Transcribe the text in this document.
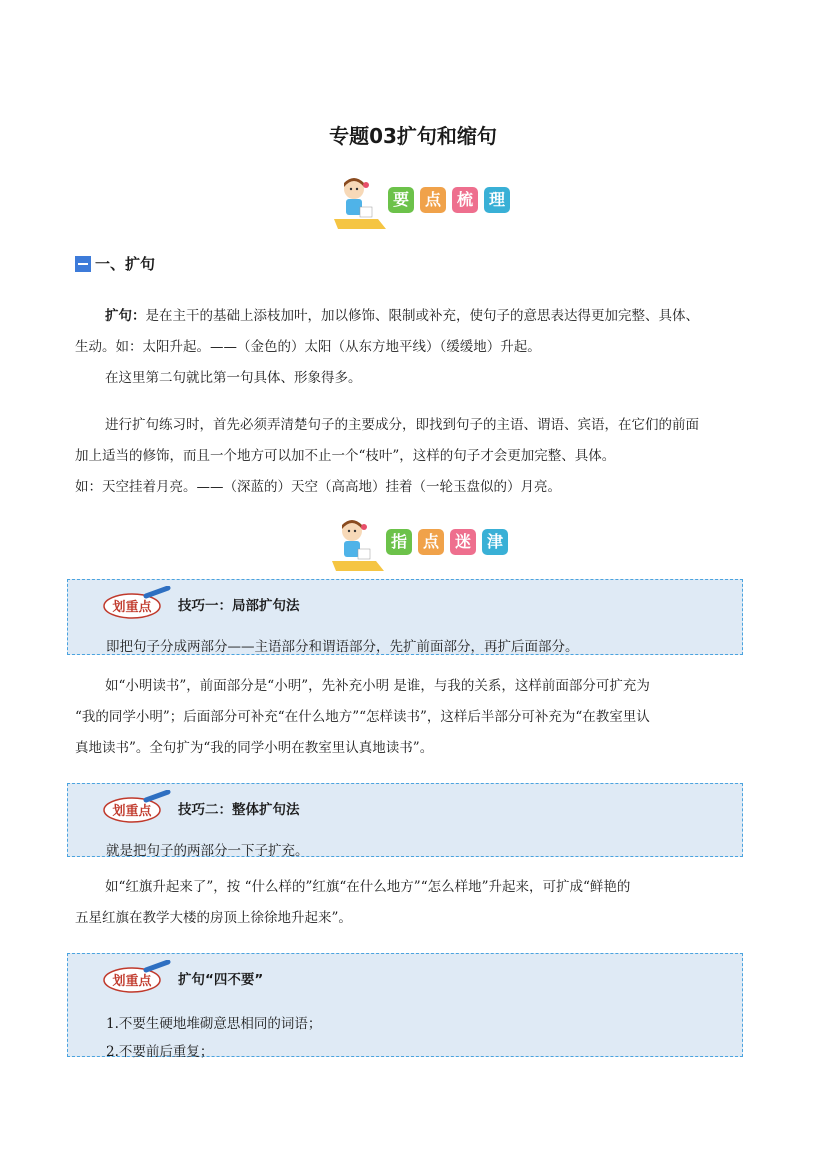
专题03扩句和缩句
要 点 梳 理
一、扩句
扩句：是在主干的基础上添枝加叶，加以修饰、限制或补充，使句子的意思表达得更加完整、具体、
生动。如：太阳升起。——（金色的）太阳（从东方地平线）（缓缓地）升起。
在这里第二句就比第一句具体、形象得多。
进行扩句练习时，首先必须弄清楚句子的主要成分，即找到句子的主语、谓语、宾语，在它们的前面
加上适当的修饰，而且一个地方可以加不止一个“枝叶”，这样的句子才会更加完整、具体。
如：天空挂着月亮。——（深蓝的）天空（高高地）挂着（一轮玉盘似的）月亮。
指 点 迷 津
划重点 技巧一：局部扩句法
即把句子分成两部分——主语部分和谓语部分，先扩前面部分，再扩后面部分。
如“小明读书”，前面部分是“小明”，先补充小明 是谁，与我的关系，这样前面部分可扩充为
“我的同学小明”；后面部分可补充“在什么地方”“怎样读书”，这样后半部分可补充为“在教室里认
真地读书”。全句扩为“我的同学小明在教室里认真地读书”。
划重点 技巧二：整体扩句法
就是把句子的两部分一下子扩充。
如“红旗升起来了”，按 “什么样的”红旗“在什么地方”“怎么样地”升起来，可扩成“鲜艳的
五星红旗在教学大楼的房顶上徐徐地升起来”。
划重点 扩句“四不要”
1.不要生硬地堆砌意思相同的词语；
2.不要前后重复；
